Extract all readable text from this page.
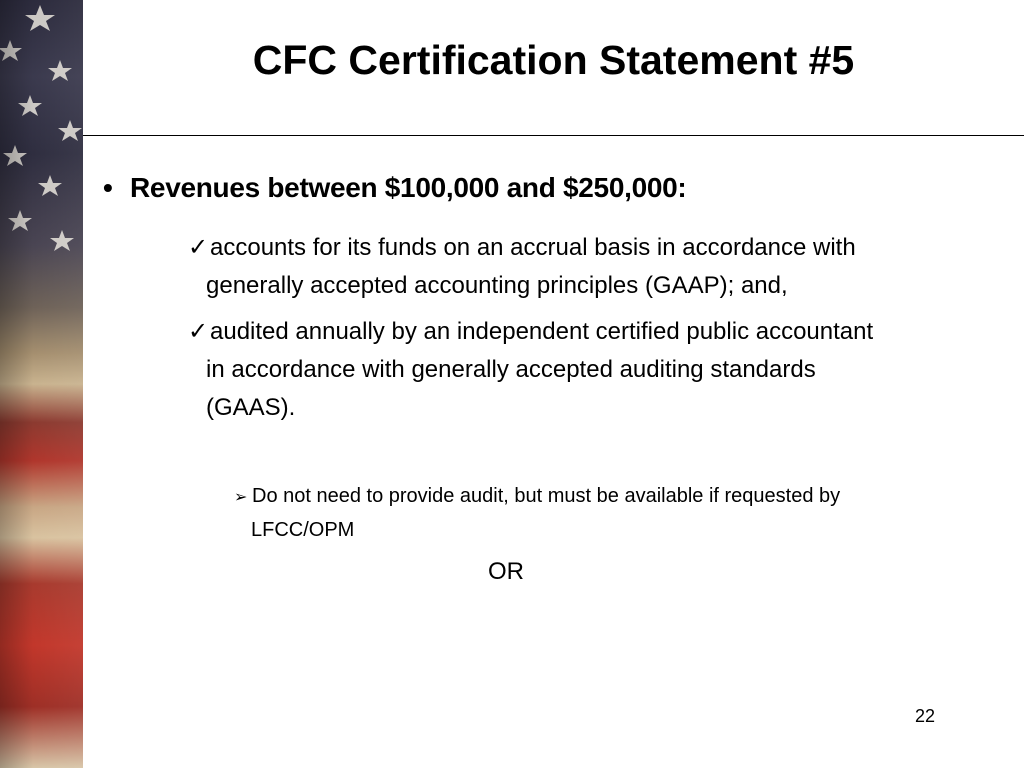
CFC Certification Statement #5
• Revenues between $100,000 and $250,000:
✓accounts for its funds on an accrual basis in accordance with
generally accepted accounting principles (GAAP); and,
✓audited annually by an independent certified public accountant
in accordance with generally accepted auditing standards
(GAAS).
➢ Do not need to provide audit, but must be available if requested by
LFCC/OPM
OR
22
